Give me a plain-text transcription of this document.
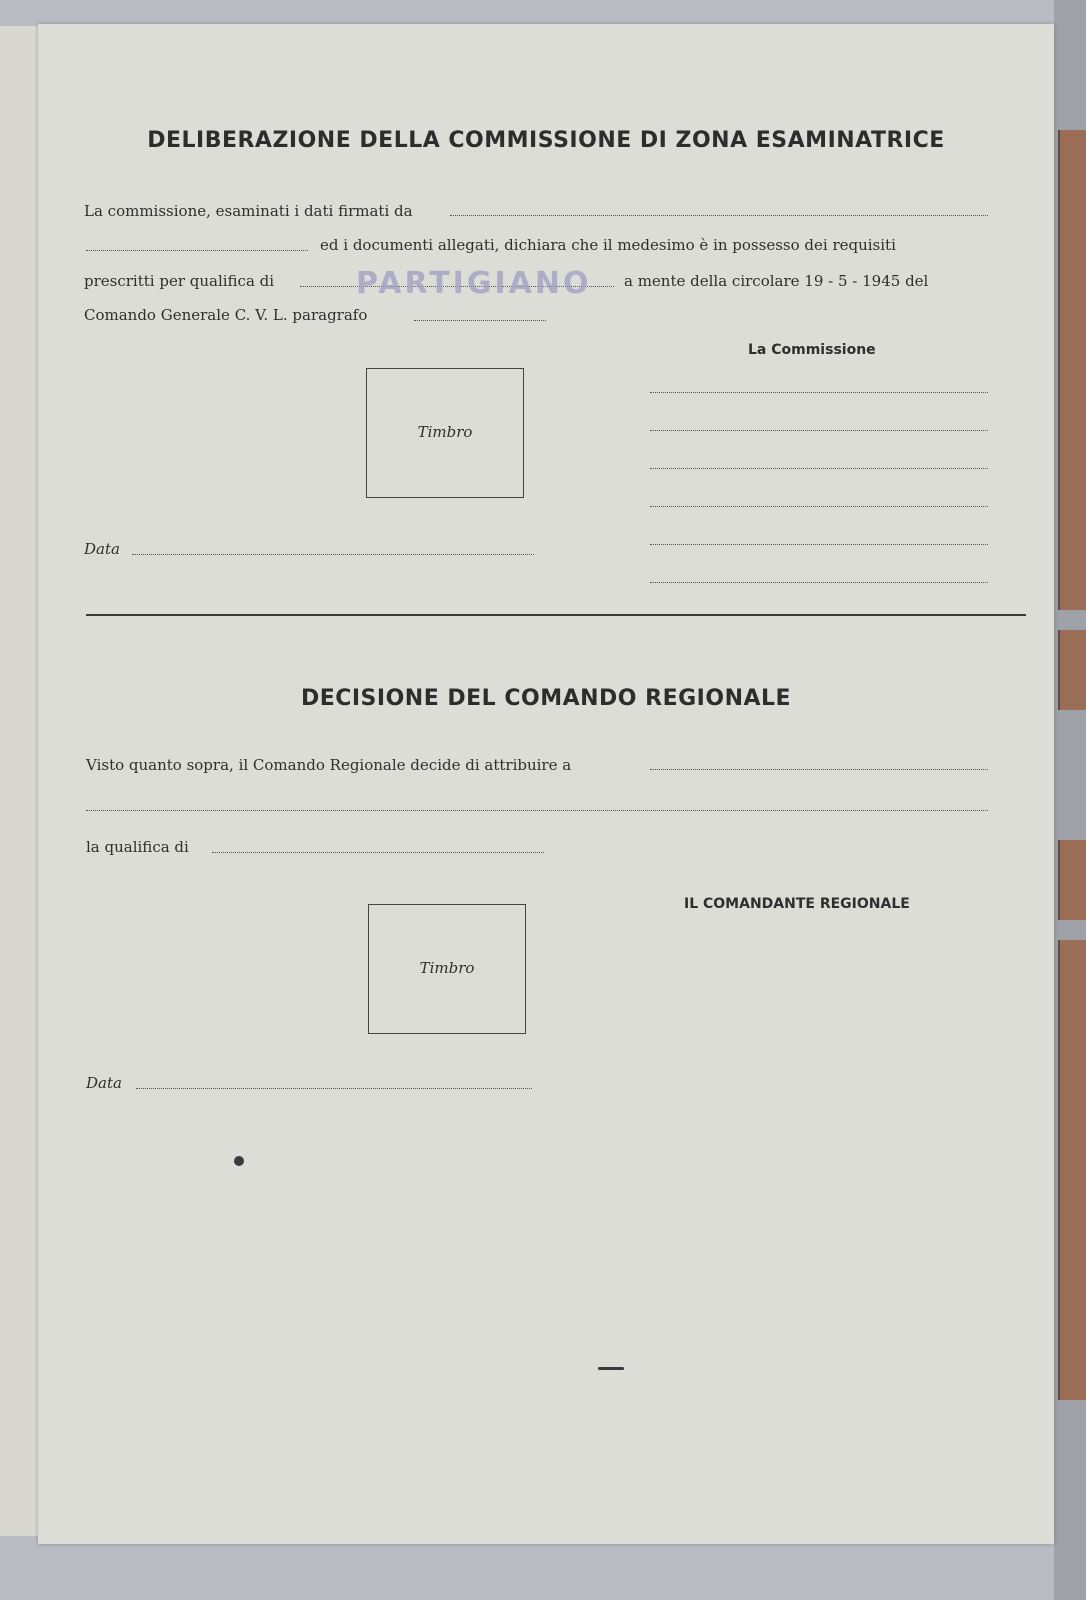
DELIBERAZIONE DELLA COMMISSIONE DI ZONA ESAMINATRICE
La commissione, esaminati i dati firmati da
ed i documenti allegati, dichiara che il medesimo è in possesso dei requisiti
prescritti per qualifica di	PARTIGIANO a mente della circolare 19 - 5 - 1945 del
Comando Generale C. V. L. paragrafo
La Commissione
Timbro
Data
DECISIONE DEL COMANDO REGIONALE
Visto quanto sopra, il Comando Regionale decide di attribuire a
la qualifica di
IL COMANDANTE REGIONALE
Timbro
Data
